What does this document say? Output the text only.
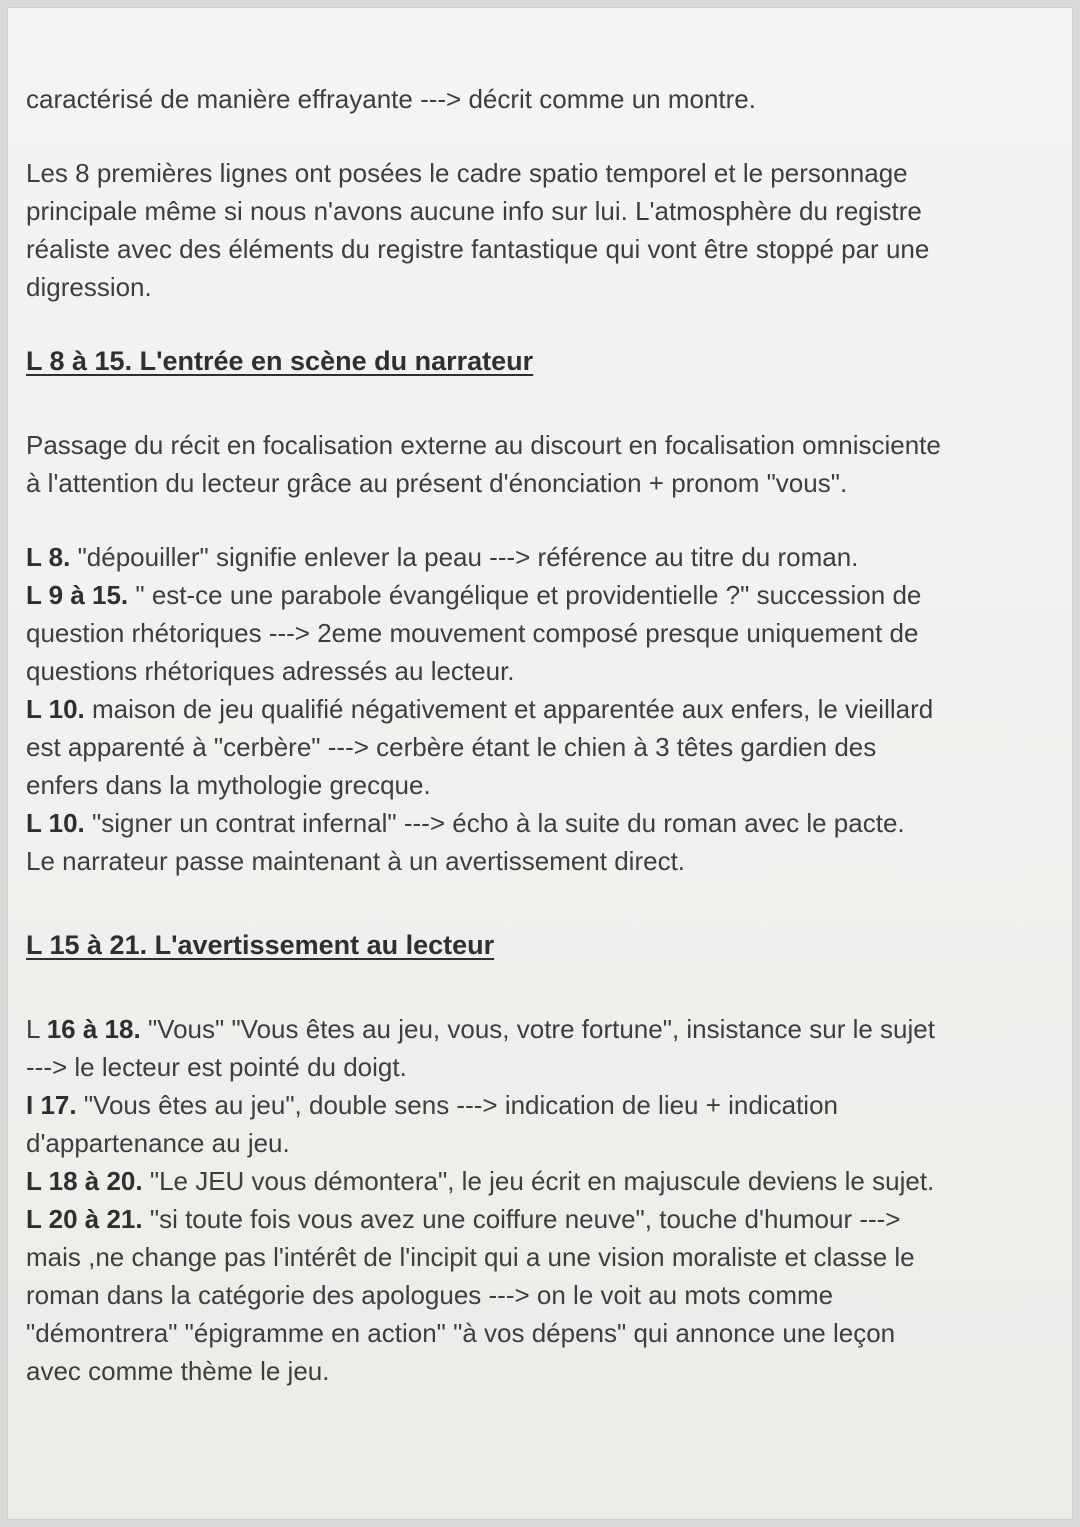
caractérisé de manière effrayante ---> décrit comme un montre.
Les 8 premières lignes ont posées le cadre spatio temporel et le personnage
principale même si nous n'avons aucune info sur lui. L'atmosphère du registre
réaliste avec des éléments du registre fantastique qui vont être stoppé par une
digression.
L 8 à 15. L'entrée en scène du narrateur
Passage du récit en focalisation externe au discourt en focalisation omnisciente
à l'attention du lecteur grâce au présent d'énonciation + pronom "vous".
L 8. "dépouiller" signifie enlever la peau ---> référence au titre du roman.
L 9 à 15. " est-ce une parabole évangélique et providentielle ?" succession de
question rhétoriques ---> 2eme mouvement composé presque uniquement de
questions rhétoriques adressés au lecteur.
L 10. maison de jeu qualifié négativement et apparentée aux enfers, le vieillard
est apparenté à "cerbère" ---> cerbère étant le chien à 3 têtes gardien des
enfers dans la mythologie grecque.
L 10. "signer un contrat infernal" ---> écho à la suite du roman avec le pacte.
Le narrateur passe maintenant à un avertissement direct.
L 15 à 21. L'avertissement au lecteur
L 16 à 18. "Vous" "Vous êtes au jeu, vous, votre fortune", insistance sur le sujet
---> le lecteur est pointé du doigt.
I 17. "Vous êtes au jeu", double sens ---> indication de lieu + indication
d'appartenance au jeu.
L 18 à 20. "Le JEU vous démontera", le jeu écrit en majuscule deviens le sujet.
L 20 à 21. "si toute fois vous avez une coiffure neuve", touche d'humour --->
mais ,ne change pas l'intérêt de l'incipit qui a une vision moraliste et classe le
roman dans la catégorie des apologues ---> on le voit au mots comme
"démontrera" "épigramme en action" "à vos dépens" qui annonce une leçon
avec comme thème le jeu.
